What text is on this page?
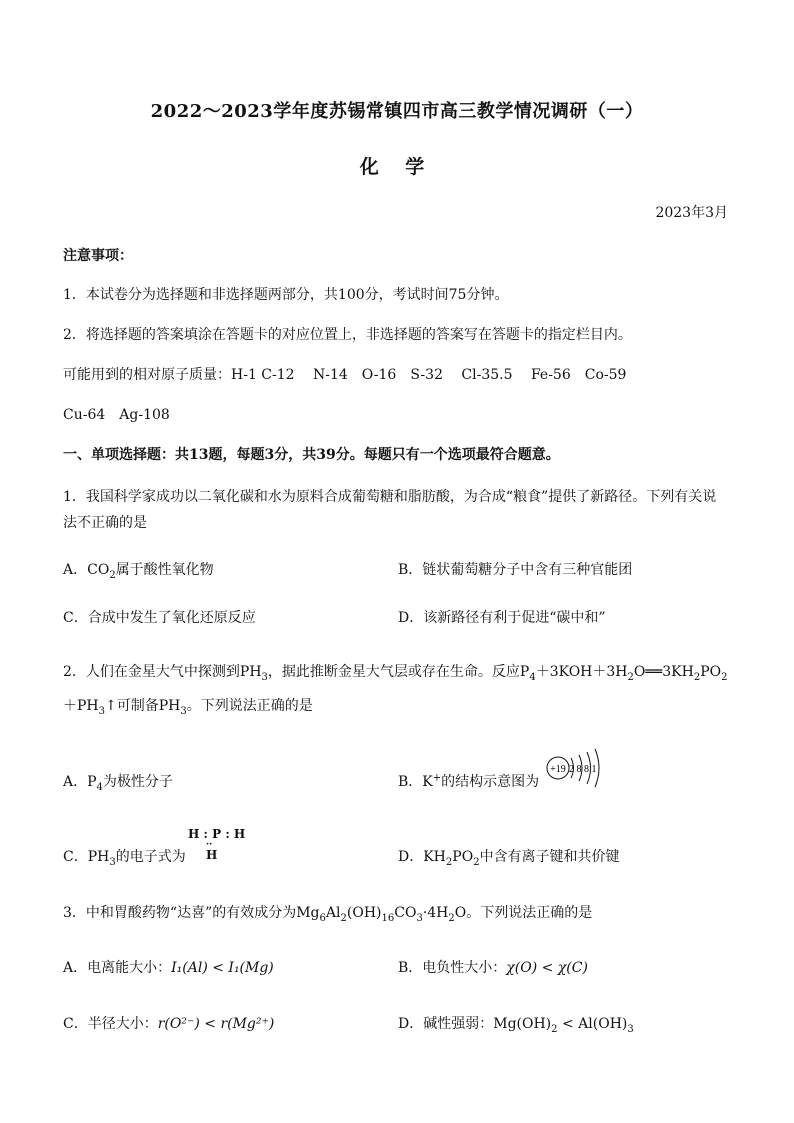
2022～2023学年度苏锡常镇四市高三教学情况调研（一）
化 学
2023年3月
注意事项：
1．本试卷分为选择题和非选择题两部分，共100分，考试时间75分钟。
2．将选择题的答案填涂在答题卡的对应位置上，非选择题的答案写在答题卡的指定栏目内。
可能用到的相对原子质量：H-1 C-12　 N-14　O-16　S-32　 Cl-35.5　 Fe-56　Co-59
Cu-64　Ag-108
一、单项选择题：共13题，每题3分，共39分。每题只有一个选项最符合题意。
1．我国科学家成功以二氧化碳和水为原料合成葡萄糖和脂肪酸，为合成“粮食”提供了新路径。下列有关说
法不正确的是
A．$CO_2$属于酸性氧化物	B．链状葡萄糖分子中含有三种官能团
C．合成中发生了氧化还原反应	D．该新路径有利于促进“碳中和”
2．人们在金星大气中探测到$PH_3$，据此推断金星大气层或存在生命。反应$P_4+3KOH+3H_2O══3KH_2PO_2$
$+PH_3↑$可制备$PH_3$。下列说法正确的是
A．$P_4$为极性分子	B．K+的结构示意图为
+19 2 8 8 1
H : P : H
··
H
C．$PH_3$的电子式为	D．$KH_2PO_2$中含有离子键和共价键
3．中和胃酸药物“达喜”的有效成分为$Mg_6Al_2(OH)_{16}CO_3\cdot 4H_2O$。下列说法正确的是
A．电离能大小：I₁(Al) < I₁(Mg)	B．电负性大小：χ(O) < χ(C)
C．半径大小：r(O²⁻) < r(Mg²⁺)	D．碱性强弱：$Mg(OH)_2 < Al(OH)_3$
